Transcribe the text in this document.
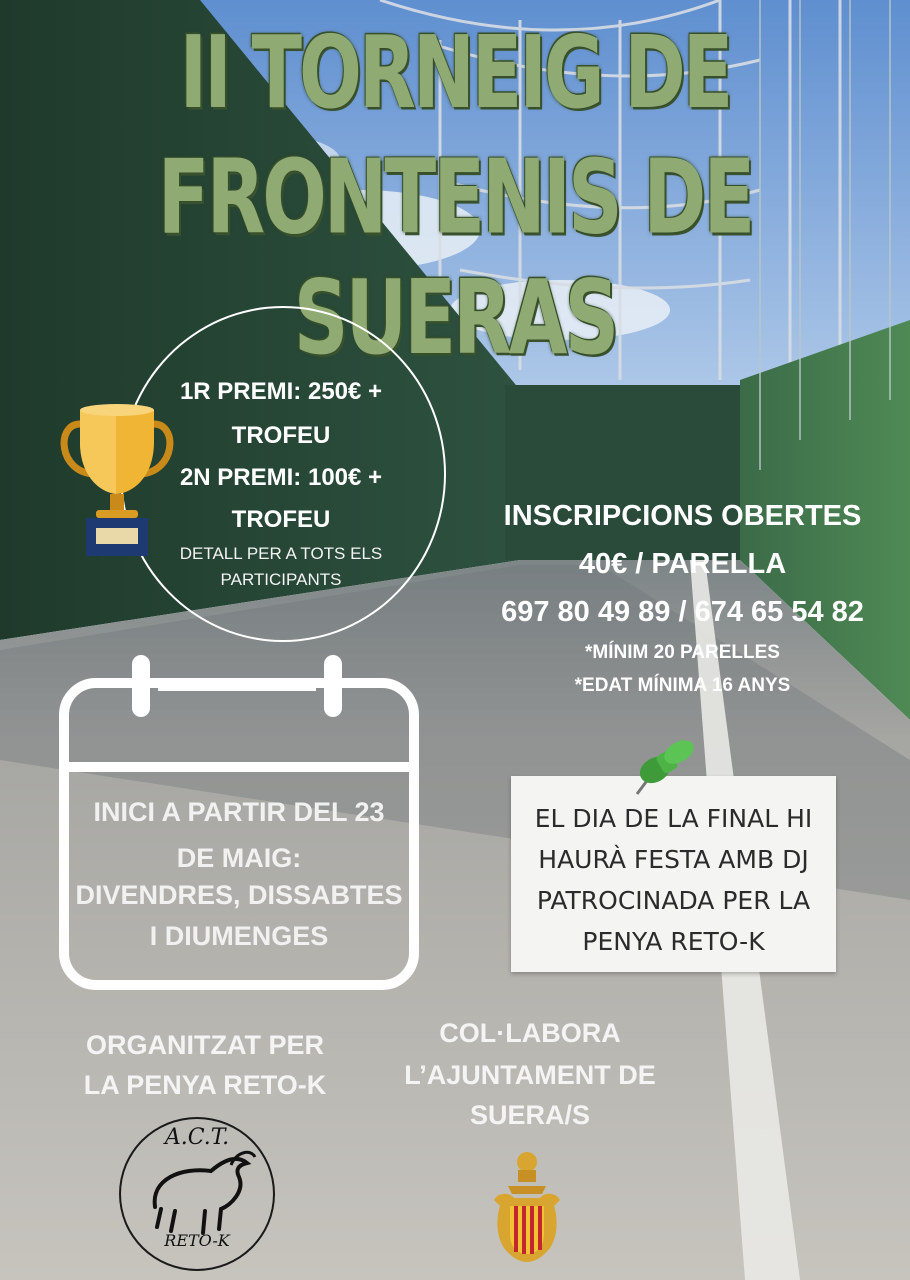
II TORNEIG DE
FRONTENIS DE SUERAS
1R PREMI: 250€ +
TROFEU
2N PREMI: 100€ +
TROFEU
DETALL PER A TOTS ELS
PARTICIPANTS
INSCRIPCIONS OBERTES
40€ / PARELLA
697 80 49 89 / 674 65 54 82
*MÍNIM 20 PARELLES
*EDAT MÍNIMA 16 ANYS
INICI A PARTIR DEL 23
DE MAIG:
DIVENDRES, DISSABTES
I DIUMENGES
EL DIA DE LA FINAL HI
HAURÀ FESTA AMB DJ
PATROCINADA PER LA
PENYA RETO-K
ORGANITZAT PER
LA PENYA RETO-K
A.C.T.
RETO-K
COL·LABORA
L’AJUNTAMENT DE
SUERA/S
